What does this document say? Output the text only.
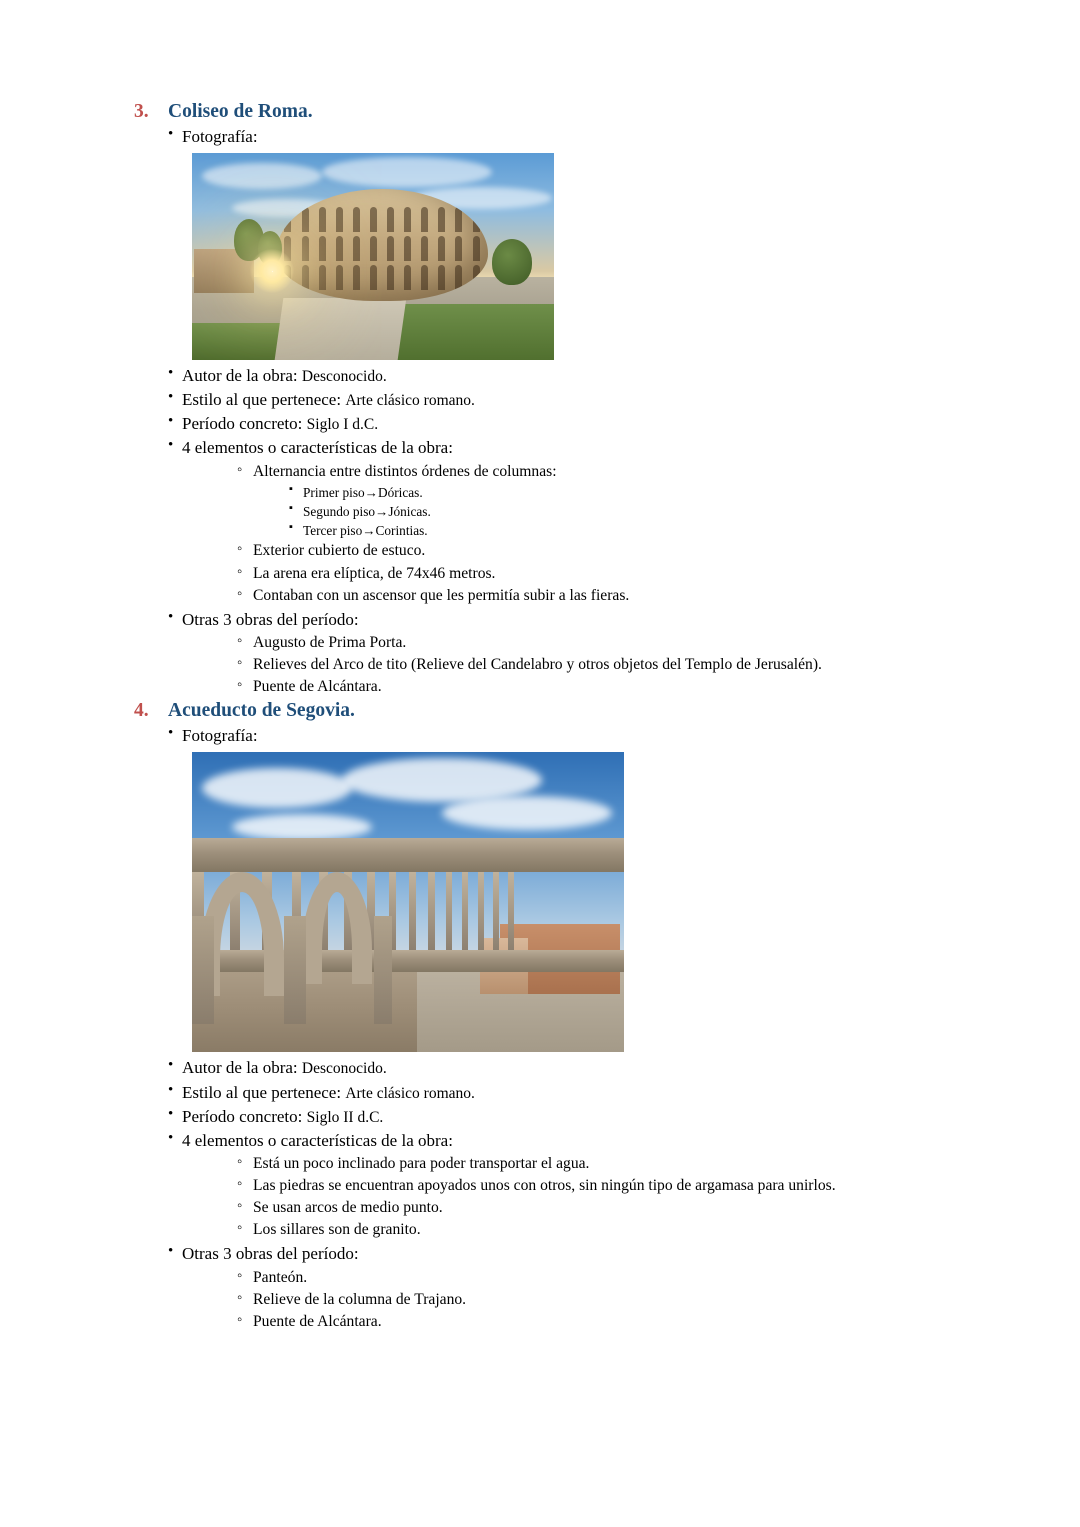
3. Coliseo de Roma.
• Fotografía:
• Autor de la obra: Desconocido.
• Estilo al que pertenece: Arte clásico romano.
• Período concreto: Siglo I d.C.
• 4 elementos o características de la obra:
◦ Alternancia entre distintos órdenes de columnas:
▪ Primer piso→Dóricas.
▪ Segundo piso→Jónicas.
▪ Tercer piso→Corintias.
◦ Exterior cubierto de estuco.
◦ La arena era elíptica, de 74x46 metros.
◦ Contaban con un ascensor que les permitía subir a las fieras.
• Otras 3 obras del período:
◦ Augusto de Prima Porta.
◦ Relieves del Arco de tito (Relieve del Candelabro y otros objetos del Templo de Jerusalén).
◦ Puente de Alcántara.
4. Acueducto de Segovia.
• Fotografía:
• Autor de la obra: Desconocido.
• Estilo al que pertenece: Arte clásico romano.
• Período concreto: Siglo II d.C.
• 4 elementos o características de la obra:
◦ Está un poco inclinado para poder transportar el agua.
◦ Las piedras se encuentran apoyados unos con otros, sin ningún tipo de argamasa para unirlos.
◦ Se usan arcos de medio punto.
◦ Los sillares son de granito.
• Otras 3 obras del período:
◦ Panteón.
◦ Relieve de la columna de Trajano.
◦ Puente de Alcántara.
